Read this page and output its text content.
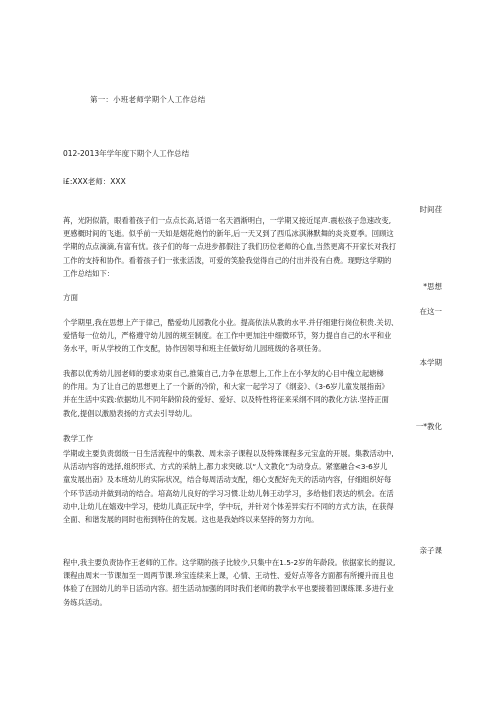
第一：小班老师学期个人工作总结
012-2013年学年度下期个人工作总结
i£:XXX老师：XXX
时间荏

苒，光阴似箭，眼看着孩子们一点点长高,话语一名天酒渐明白，一学期又接近尾声.震松孩子急速改变,
更感概时间的飞逝。似乎前一天如是烟花炮竹的新年,后一天又到了西瓜冰淇淋默舞的炎炎夏季。回顾这
学期的点点滴滴,有富有忧。孩子们的每一点进步都假注了我们历位老师的心血,当然更离不开家长对我打
工作的支持和协作。看着孩子们一张张活泼，可爱的笑脸我觉得自己的付出并没有白费。现野这学期的
工作总结如下：

*思想
方面
在这一

个学期里,我在思想上产于律己，酷爱幼儿园教化小业。提高依法从教的水平.并仔细建行岗位积贵.关切、
爱惜每一位幼儿，严格遵守幼儿园的规至制度。在工作中更加注中细微环节，努力提自自己的水平和业
务水平，听从学校的工作支配，协作因领导和班主任做好幼儿园班级的各项任务。

本学期

我都以优秀幼儿园老师的要求劝束自己,推策自己,力争在思想上,工作上在小孥友的心目中傀立起塘梯
的作用。为了让自己的思想更上了一个新的冷阶，和大家一起学习了《纲妾》、《3-6岁儿童发展指南》
并在生活中实践:依据幼儿不同年龄阶段的爱好、爱好、以及特性将征来采纲不同的教化方法.坚持正面
教化,提倡以激励表扬的方式去引导幼儿。

一*教化
教学工作

学期或主要负责弱级一日生活流程中的集教、周未亲子课程以及特殊课程多元宝盒的开展。集教活动中,
从活动内容的选择,组织形式、方式的采纳上,都力求突破.以“人文教化”为动身点。紧塞融合<3-6岁儿
童发展出南》及本班幼儿的实际状况，结合每周活动支配，细心支配好先天的活动内容，仔细组织好每
个环节活动并做到动的结合。培高幼儿良好的学习习惯.让幼儿韩王动学习，多给他们表达的机会。在活
动中,让幼儿在嬉戏中学习，使幼儿真正玩中学，学中玩，并针对个体差异实行不同的方式方法，在获得
全面、和谐发展的同时也衔到特住的发展。这也是我始终以来坚持的努力方向。

亲子课

程中,我主要负责协作王老师的工作。这学期的孩子比较少,只集中在1.5-2岁的年龄段。依据家长的提议,
课程由周末一节课加至一周两节课.珍宝连续来上课，心情、王动性、爱好点等各方面都有所擾升而且也
体验了在园幼儿的半日活动内容。招生活动加强的同时我们老师的教学水平也要接着回课练课.多进行业
务练兵活动。
